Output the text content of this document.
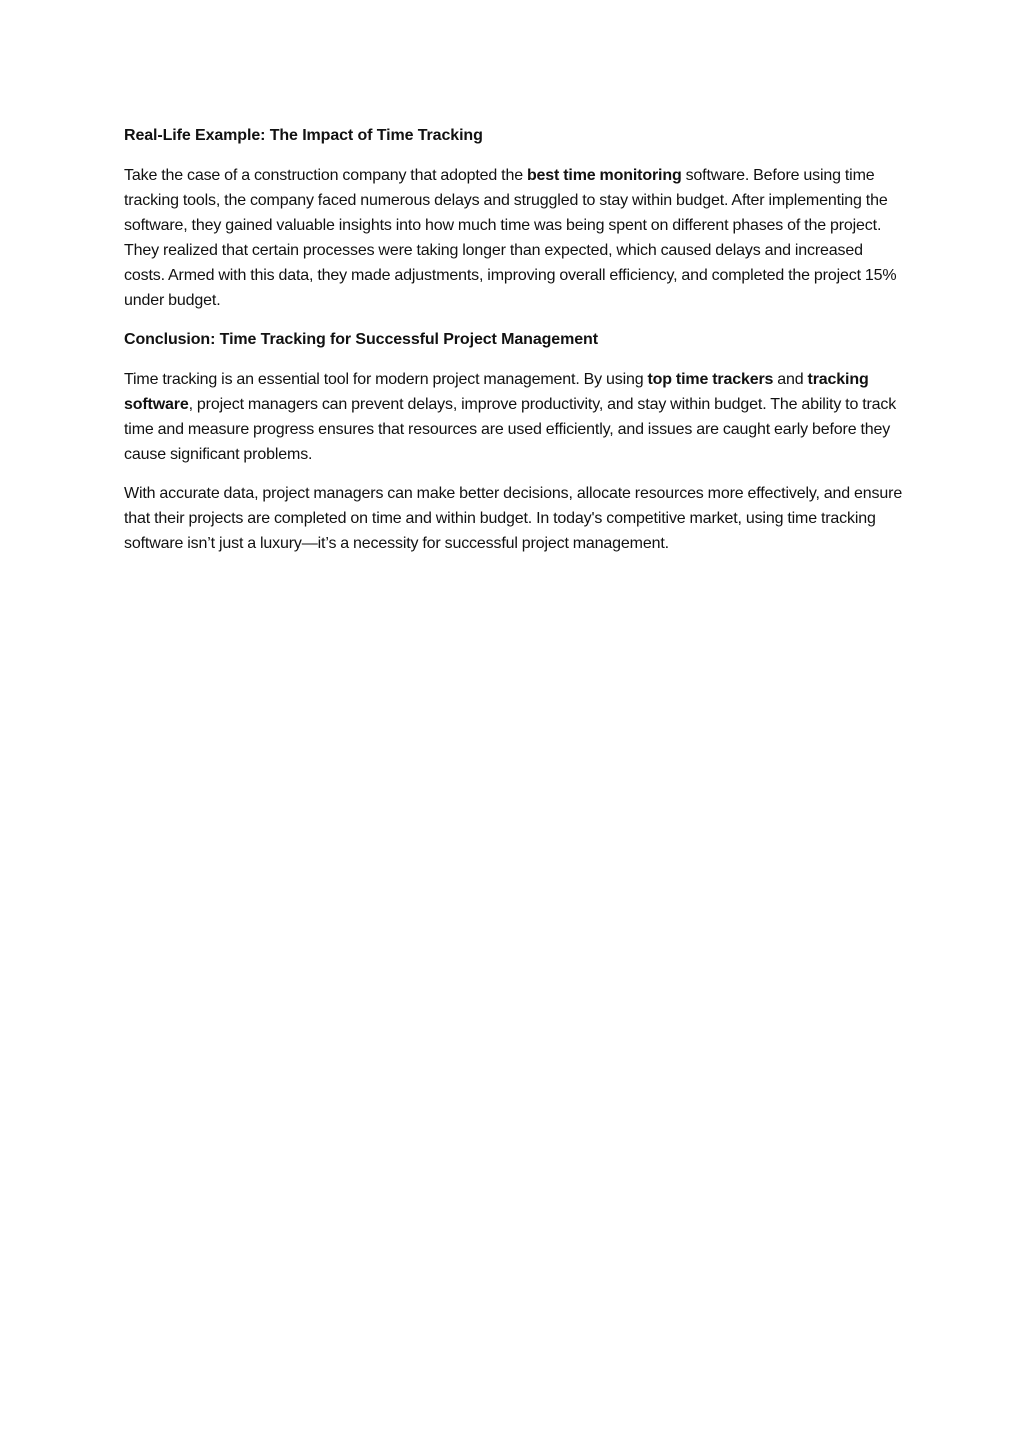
Real-Life Example: The Impact of Time Tracking

Take the case of a construction company that adopted the best time monitoring software. Before using time tracking tools, the company faced numerous delays and struggled to stay within budget. After implementing the software, they gained valuable insights into how much time was being spent on different phases of the project. They realized that certain processes were taking longer than expected, which caused delays and increased costs. Armed with this data, they made adjustments, improving overall efficiency, and completed the project 15% under budget.

Conclusion: Time Tracking for Successful Project Management

Time tracking is an essential tool for modern project management. By using top time trackers and tracking software, project managers can prevent delays, improve productivity, and stay within budget. The ability to track time and measure progress ensures that resources are used efficiently, and issues are caught early before they cause significant problems.

With accurate data, project managers can make better decisions, allocate resources more effectively, and ensure that their projects are completed on time and within budget. In today's competitive market, using time tracking software isn’t just a luxury—it’s a necessity for successful project management.
